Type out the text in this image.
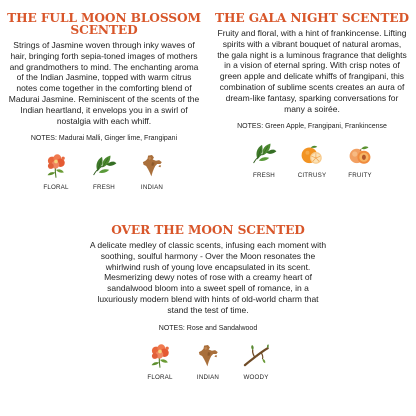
THE FULL MOON BLOSSOM SCENTED

Strings of Jasmine woven through inky waves of hair, bringing forth sepia-toned images of mothers and grandmothers to mind. The enchanting aroma of the Indian Jasmine, topped with warm citrus notes come together in the comforting blend of Madurai Jasmine. Reminiscent of the scents of the Indian heartland, it envelops you in a swirl of nostalgia with each whiff.

NOTES: Madurai Malli, Ginger lime, Frangipani
FLORAL	FRESH	INDIAN
THE GALA NIGHT SCENTED

Fruity and floral, with a hint of frankincense. Lifting spirits with a vibrant bouquet of natural aromas, the gala night is a luminous fragrance that delights in a vision of eternal spring. With crisp notes of green apple and delicate whiffs of frangipani, this combination of sublime scents creates an aura of dream-like fantasy, sparking conversations for many a soirée.

NOTES: Green Apple, Frangipani, Frankincense
FRESH	CITRUSY	FRUITY
OVER THE MOON SCENTED

A delicate medley of classic scents, infusing each moment with soothing, soulful harmony - Over the Moon resonates the whirlwind rush of young love encapsulated in its scent. Mesmerizing dewy notes of rose with a creamy heart of sandalwood bloom into a sweet spell of romance, in a luxuriously modern blend with hints of old-world charm that stand the test of time.

NOTES: Rose and Sandalwood
FLORAL	INDIAN	WOODY
